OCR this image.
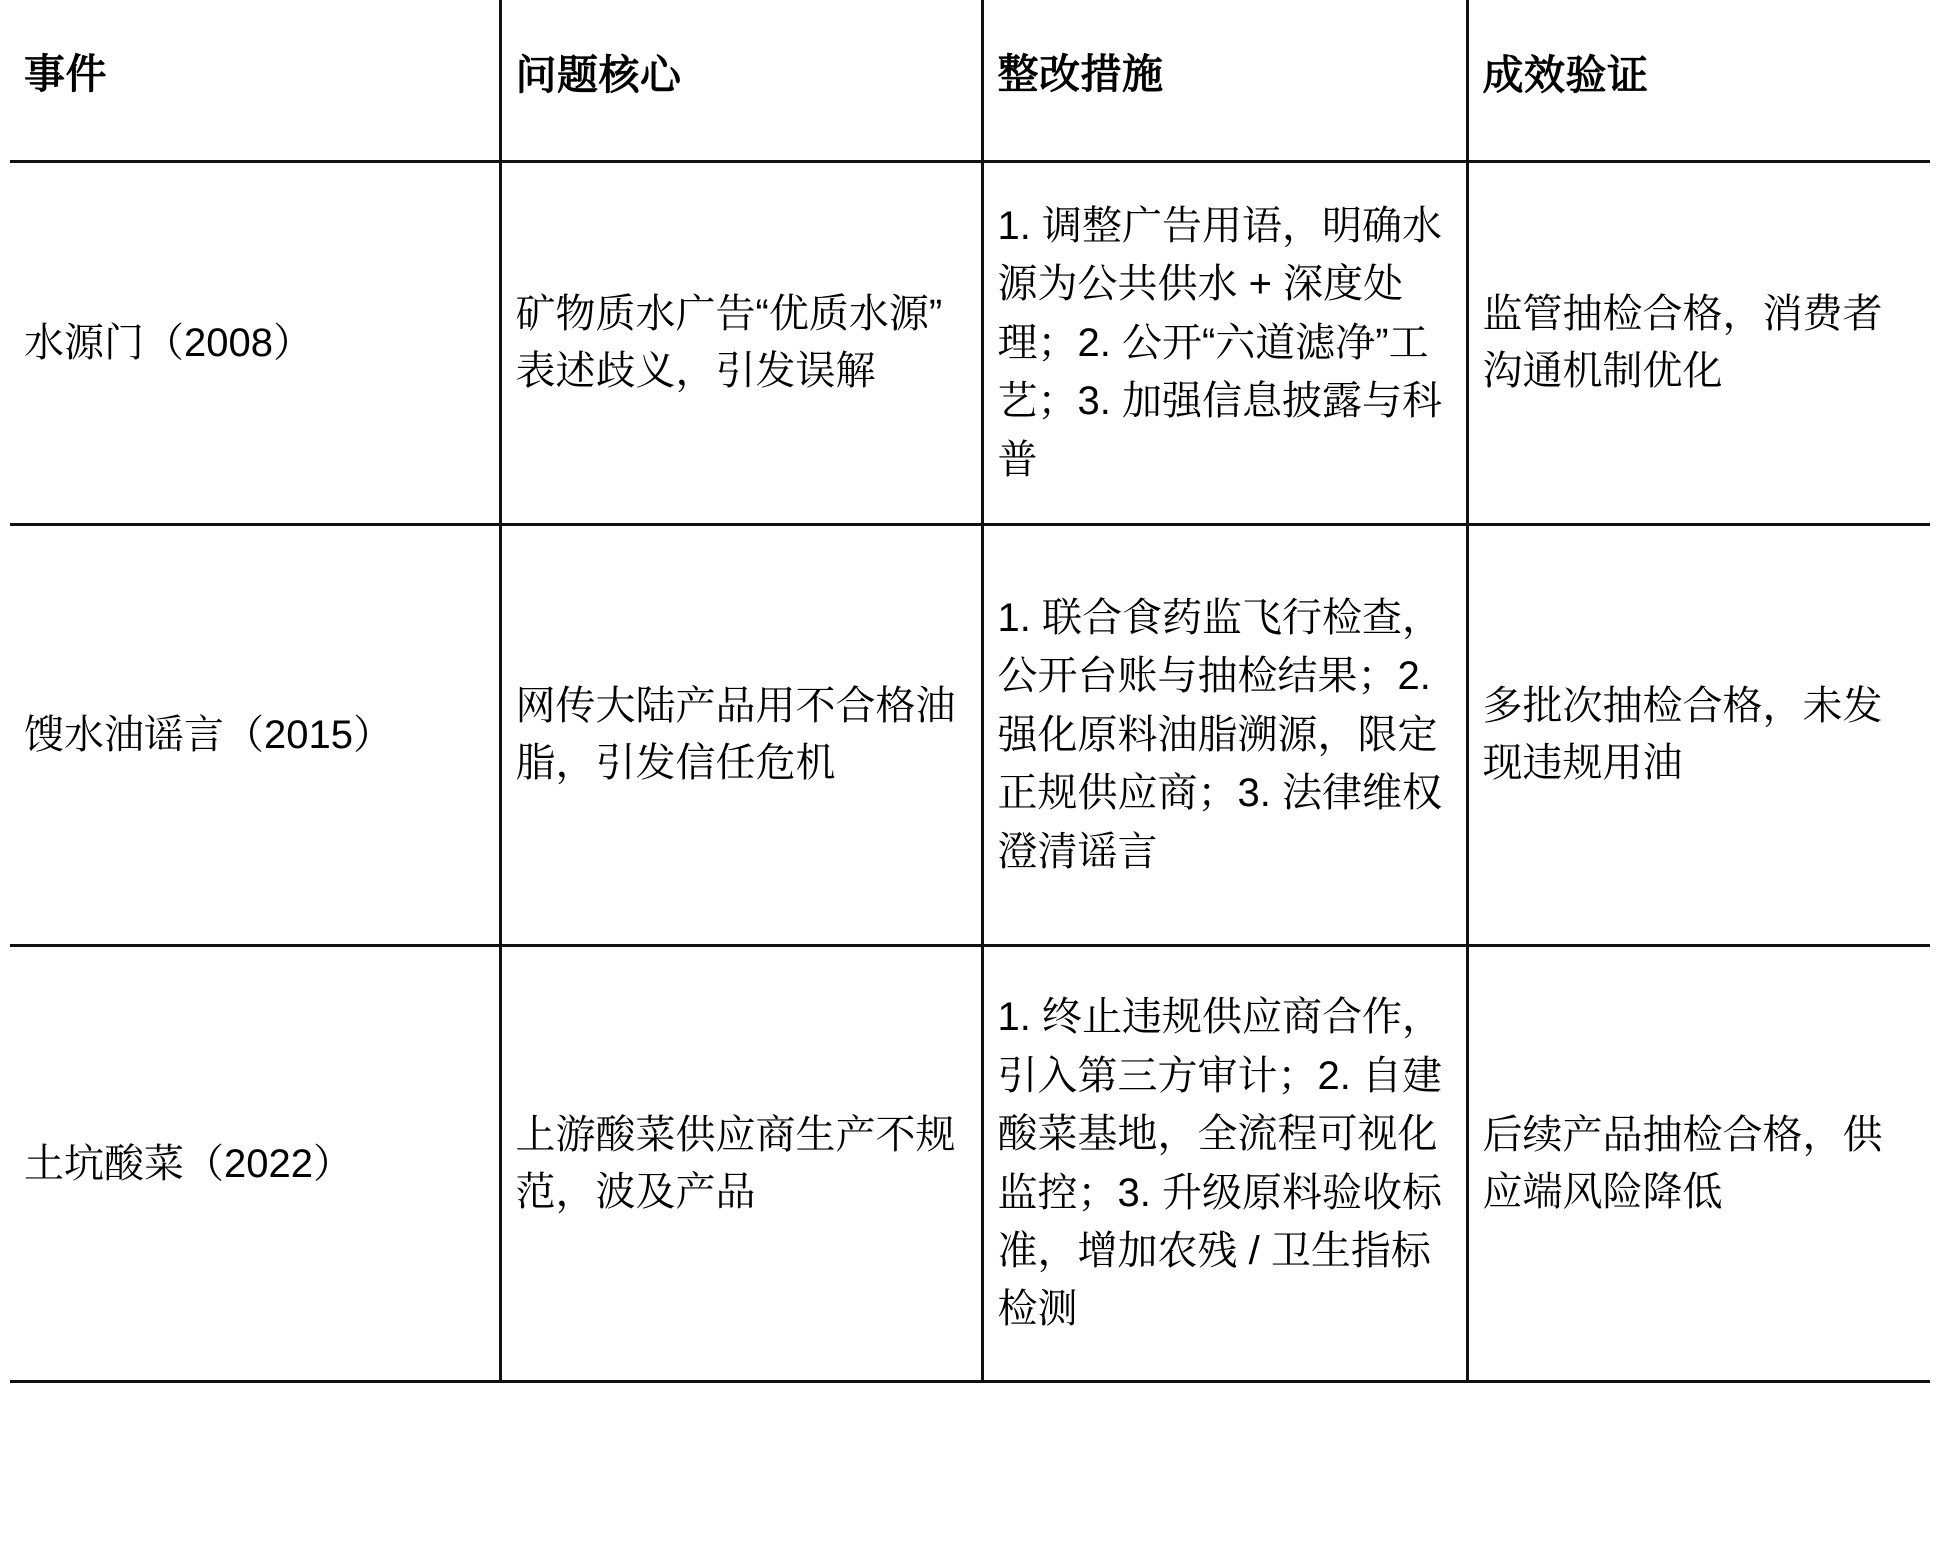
事件	问题核心	整改措施	成效验证

水源门（2008）	矿物质水广告“优质水源”表述歧义，引发误解	1. 调整广告用语，明确水源为公共供水 + 深度处理；2. 公开“六道滤净”工艺；3. 加强信息披露与科普	监管抽检合格，消费者沟通机制优化

馊水油谣言（2015）	网传大陆产品用不合格油脂，引发信任危机	1. 联合食药监飞行检查，公开台账与抽检结果；2. 强化原料油脂溯源，限定正规供应商；3. 法律维权澄清谣言	多批次抽检合格，未发现违规用油

土坑酸菜（2022）	上游酸菜供应商生产不规范，波及产品	1. 终止违规供应商合作，引入第三方审计；2. 自建酸菜基地，全流程可视化监控；3. 升级原料验收标准，增加农残 / 卫生指标检测	后续产品抽检合格，供应端风险降低
